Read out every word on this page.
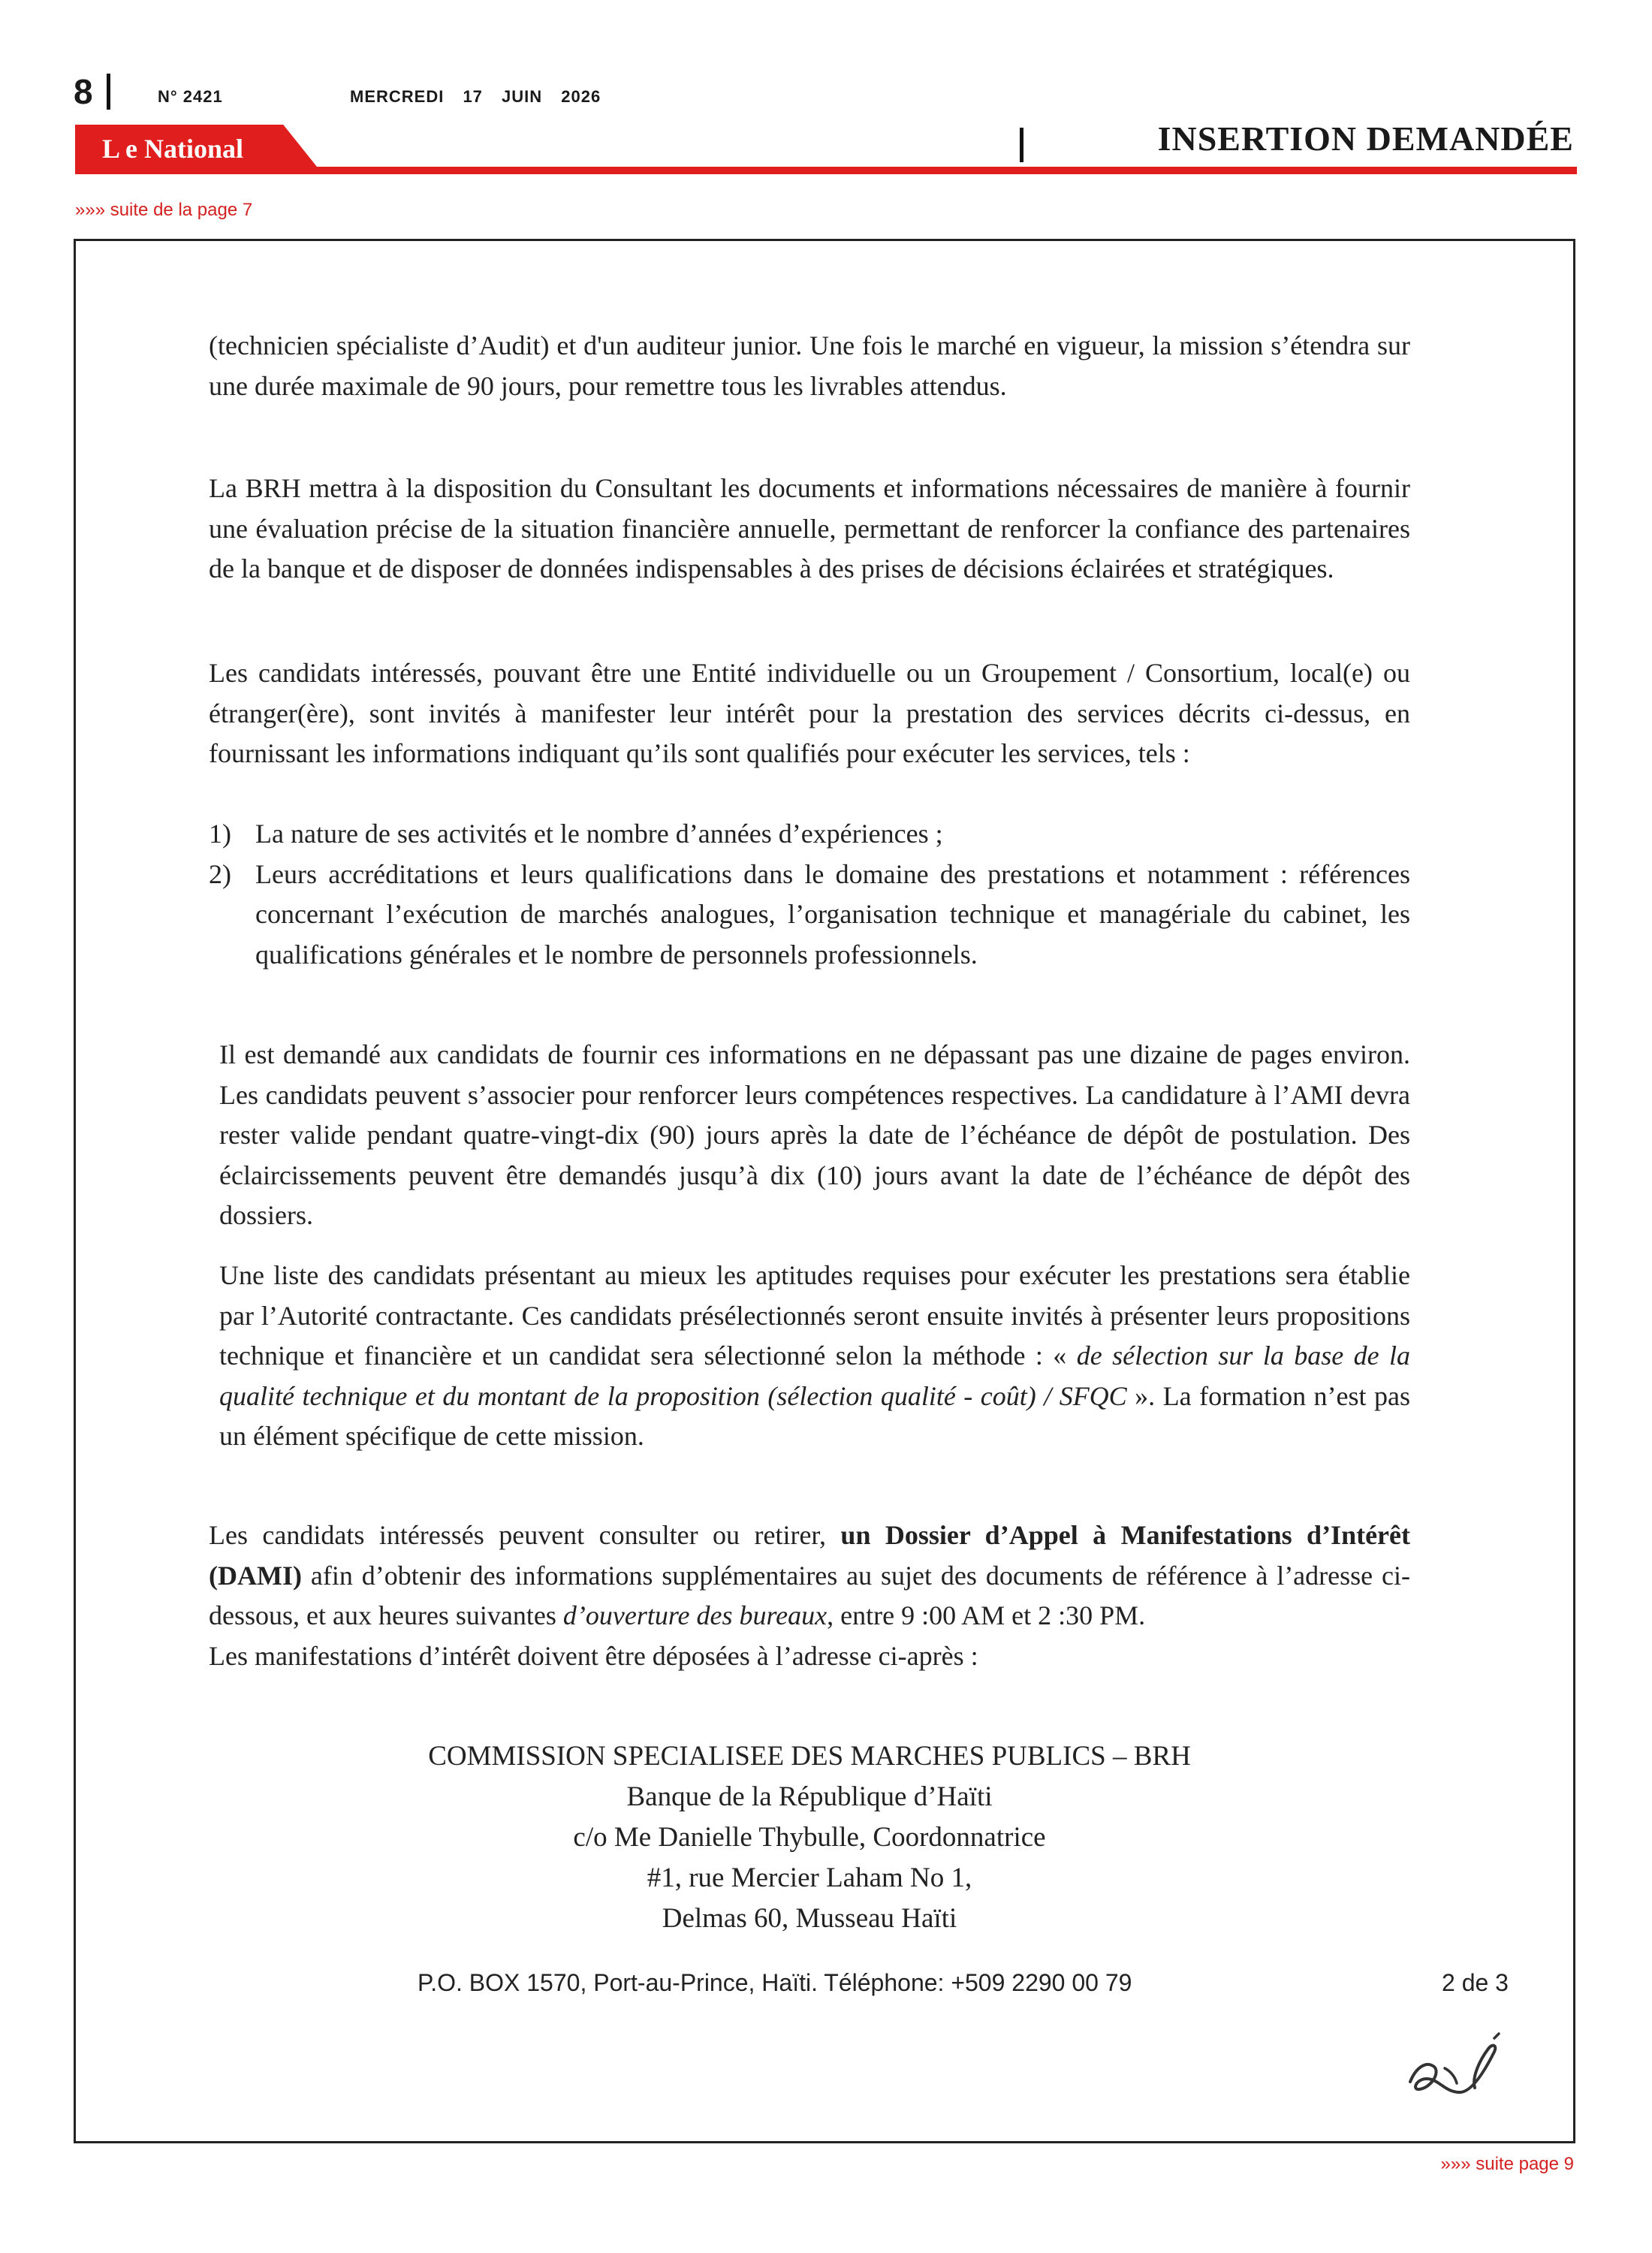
8	N° 2421	MERCREDI 17 JUIN 2026
L e National	INSERTION DEMANDÉE
»»» suite de la page 7

(technicien spécialiste d’Audit) et d'un auditeur junior. Une fois le marché en vigueur, la mission s’étendra sur une durée maximale de 90 jours, pour remettre tous les livrables attendus.

La BRH mettra à la disposition du Consultant les documents et informations nécessaires de manière à fournir une évaluation précise de la situation financière annuelle, permettant de renforcer la confiance des partenaires de la banque et de disposer de données indispensables à des prises de décisions éclairées et stratégiques.

Les candidats intéressés, pouvant être une Entité individuelle ou un Groupement / Consortium, local(e) ou étranger(ère), sont invités à manifester leur intérêt pour la prestation des services décrits ci-dessus, en fournissant les informations indiquant qu’ils sont qualifiés pour exécuter les services, tels :

1) La nature de ses activités et le nombre d’années d’expériences ;
2) Leurs accréditations et leurs qualifications dans le domaine des prestations et notamment : références concernant l’exécution de marchés analogues, l’organisation technique et managériale du cabinet, les qualifications générales et le nombre de personnels professionnels.

Il est demandé aux candidats de fournir ces informations en ne dépassant pas une dizaine de pages environ. Les candidats peuvent s’associer pour renforcer leurs compétences respectives. La candidature à l’AMI devra rester valide pendant quatre-vingt-dix (90) jours après la date de l’échéance de dépôt de postulation. Des éclaircissements peuvent être demandés jusqu’à dix (10) jours avant la date de l’échéance de dépôt des dossiers.

Une liste des candidats présentant au mieux les aptitudes requises pour exécuter les prestations sera établie par l’Autorité contractante. Ces candidats présélectionnés seront ensuite invités à présenter leurs propositions technique et financière et un candidat sera sélectionné selon la méthode : « de sélection sur la base de la qualité technique et du montant de la proposition (sélection qualité - coût) / SFQC ». La formation n’est pas un élément spécifique de cette mission.

Les candidats intéressés peuvent consulter ou retirer, un Dossier d’Appel à Manifestations d’Intérêt (DAMI) afin d’obtenir des informations supplémentaires au sujet des documents de référence à l’adresse ci-dessous, et aux heures suivantes d’ouverture des bureaux, entre 9 :00 AM et 2 :30 PM.

Les manifestations d’intérêt doivent être déposées à l’adresse ci-après :

COMMISSION SPECIALISEE DES MARCHES PUBLICS – BRH
Banque de la République d’Haïti
c/o Me Danielle Thybulle, Coordonnatrice
#1, rue Mercier Laham No 1,
Delmas 60, Musseau Haïti
P.O. BOX 1570, Port-au-Prince, Haïti. Téléphone: +509 2290 00 79	2 de 3
»»» suite page 9
